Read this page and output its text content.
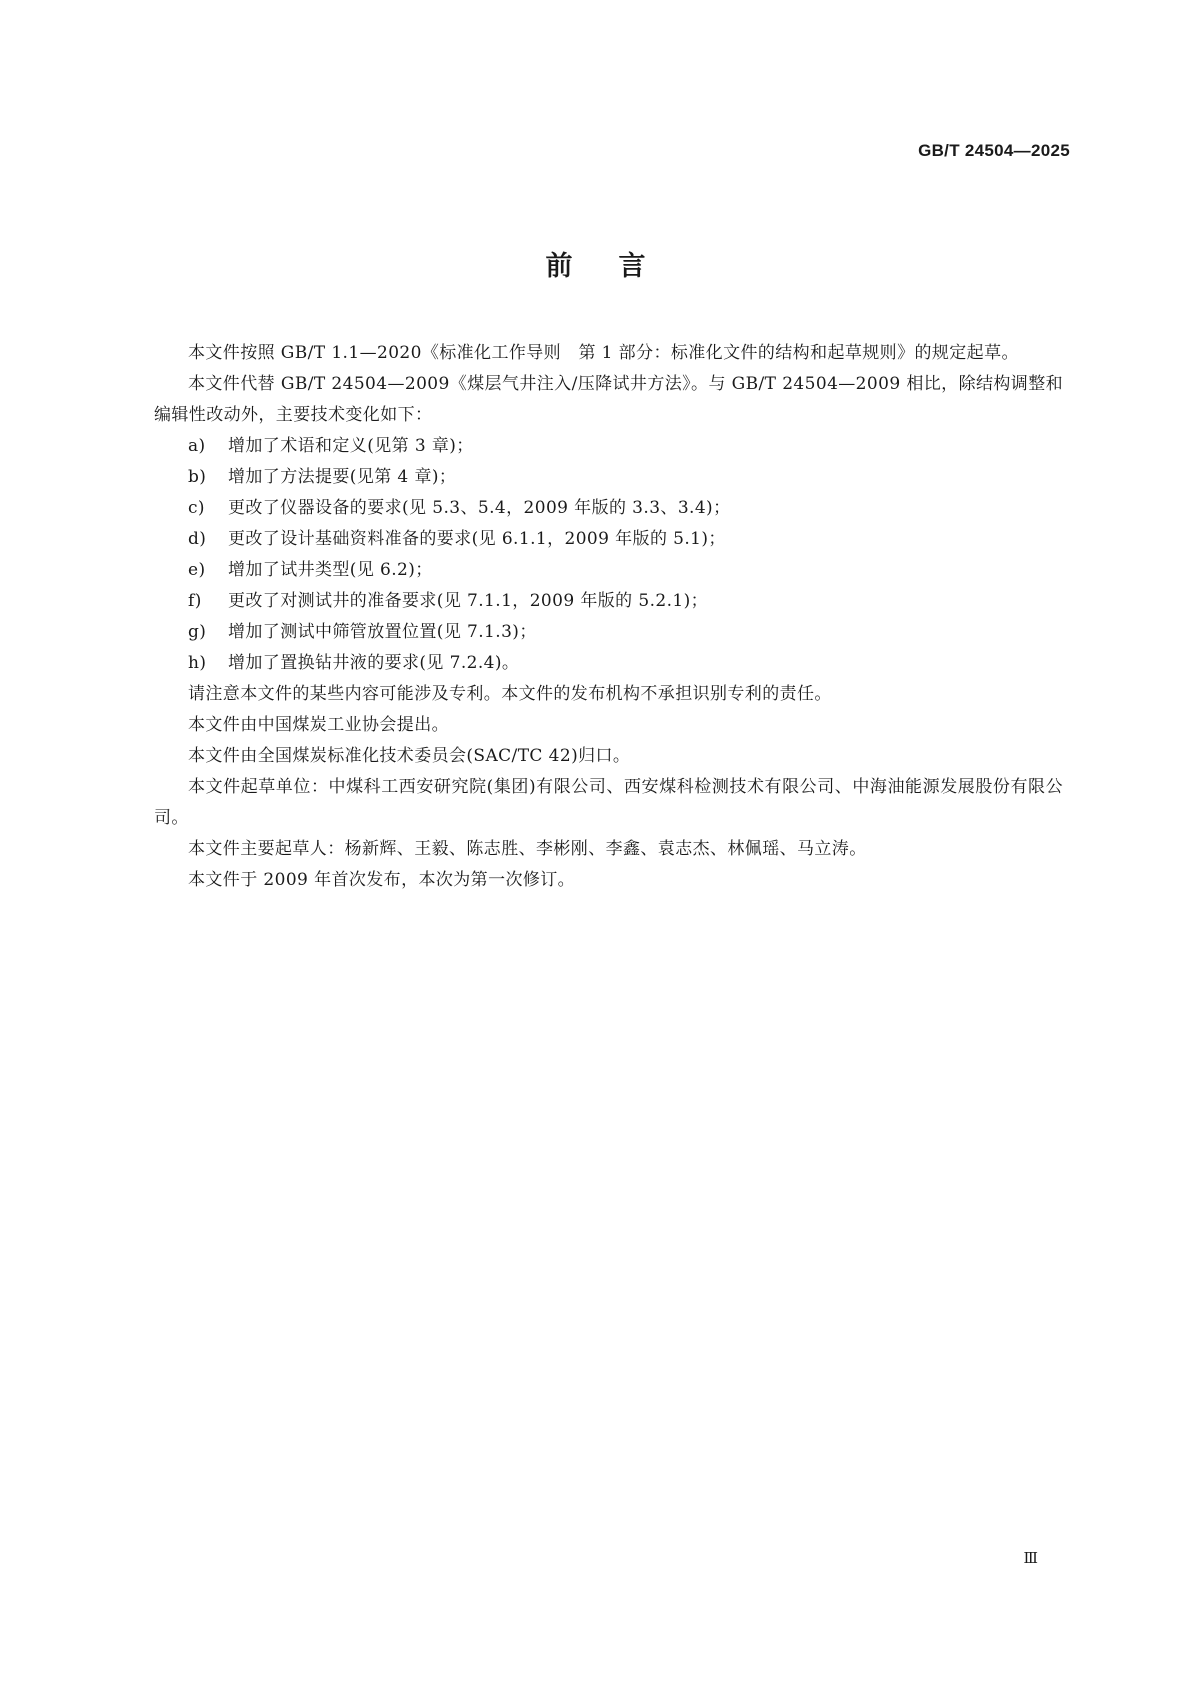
GB/T 24504—2025
前言

本文件按照 GB/T 1.1—2020《标准化工作导则　第 1 部分：标准化文件的结构和起草规则》的规定起草。

本文件代替 GB/T 24504—2009《煤层气井注入/压降试井方法》。与 GB/T 24504—2009 相比，除结构调整和编辑性改动外，主要技术变化如下：

a) 增加了术语和定义(见第 3 章)；

b) 增加了方法提要(见第 4 章)；

c) 更改了仪器设备的要求(见 5.3、5.4，2009 年版的 3.3、3.4)；

d) 更改了设计基础资料准备的要求(见 6.1.1，2009 年版的 5.1)；

e) 增加了试井类型(见 6.2)；

f) 更改了对测试井的准备要求(见 7.1.1，2009 年版的 5.2.1)；

g) 增加了测试中筛管放置位置(见 7.1.3)；

h) 增加了置换钻井液的要求(见 7.2.4)。

请注意本文件的某些内容可能涉及专利。本文件的发布机构不承担识别专利的责任。

本文件由中国煤炭工业协会提出。

本文件由全国煤炭标准化技术委员会(SAC/TC 42)归口。

本文件起草单位：中煤科工西安研究院(集团)有限公司、西安煤科检测技术有限公司、中海油能源发展股份有限公司。

本文件主要起草人：杨新辉、王毅、陈志胜、李彬刚、李鑫、袁志杰、林佩瑶、马立涛。

本文件于 2009 年首次发布，本次为第一次修订。

Ⅲ
